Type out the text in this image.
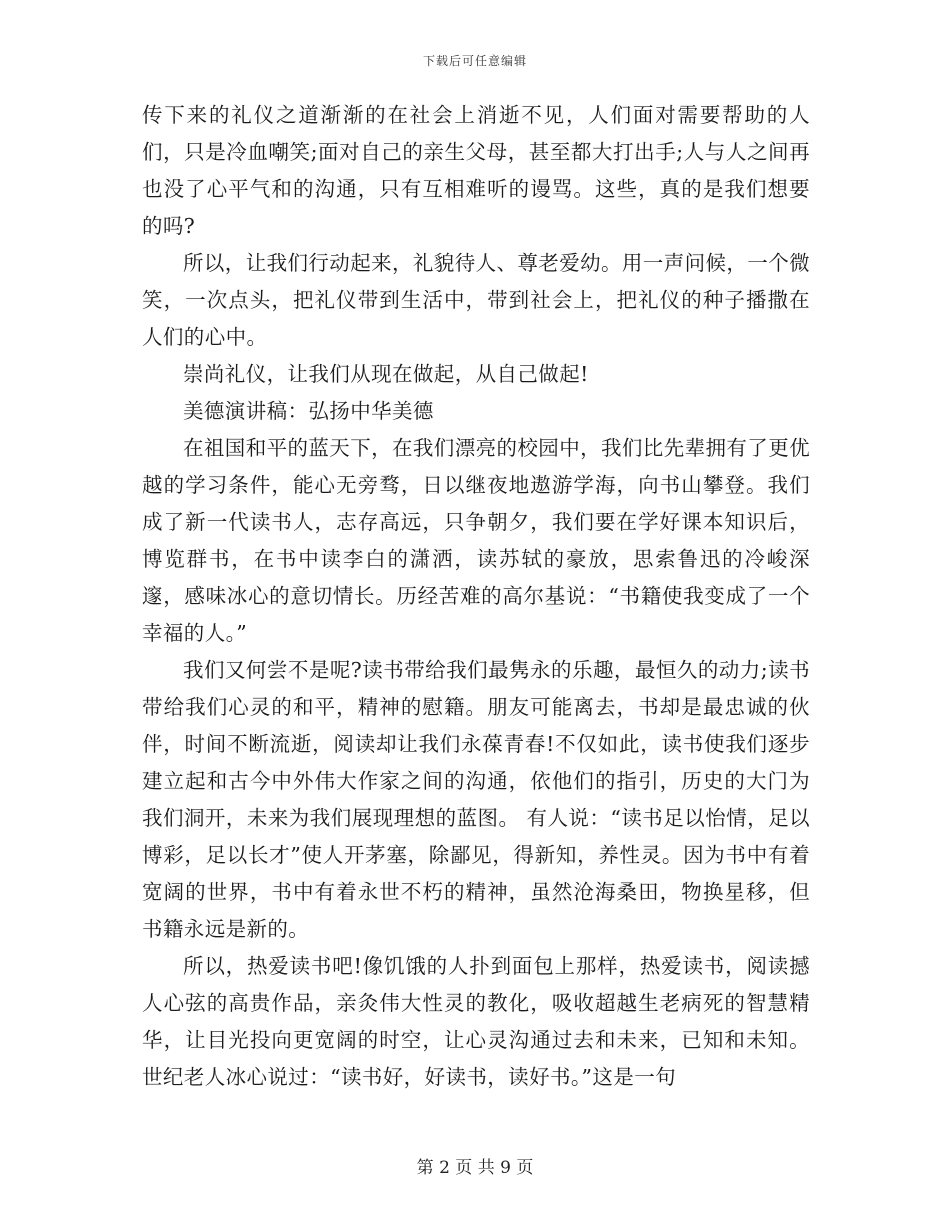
下载后可任意编辑

传下来的礼仪之道渐渐的在社会上消逝不见，人们面对需要帮助的人们，只是冷血嘲笑;面对自己的亲生父母，甚至都大打出手;人与人之间再也没了心平气和的沟通，只有互相难听的谩骂。这些，真的是我们想要的吗?

所以，让我们行动起来，礼貌待人、尊老爱幼。用一声问候，一个微笑，一次点头，把礼仪带到生活中，带到社会上，把礼仪的种子播撒在人们的心中。

崇尚礼仪，让我们从现在做起，从自己做起!

美德演讲稿：弘扬中华美德

在祖国和平的蓝天下，在我们漂亮的校园中，我们比先辈拥有了更优越的学习条件，能心无旁骛，日以继夜地遨游学海，向书山攀登。我们成了新一代读书人，志存高远，只争朝夕，我们要在学好课本知识后，博览群书，在书中读李白的潇洒，读苏轼的豪放，思索鲁迅的冷峻深邃，感味冰心的意切情长。历经苦难的高尔基说：“书籍使我变成了一个幸福的人。”

我们又何尝不是呢?读书带给我们最隽永的乐趣，最恒久的动力;读书带给我们心灵的和平，精神的慰籍。朋友可能离去，书却是最忠诚的伙伴，时间不断流逝，阅读却让我们永葆青春!不仅如此，读书使我们逐步建立起和古今中外伟大作家之间的沟通，依他们的指引，历史的大门为我们洞开，未来为我们展现理想的蓝图。 有人说：“读书足以怡情，足以博彩，足以长才”使人开茅塞，除鄙见，得新知，养性灵。因为书中有着宽阔的世界，书中有着永世不朽的精神，虽然沧海桑田，物换星移，但书籍永远是新的。

所以，热爱读书吧!像饥饿的人扑到面包上那样，热爱读书，阅读撼人心弦的高贵作品，亲灸伟大性灵的教化，吸收超越生老病死的智慧精华，让目光投向更宽阔的时空，让心灵沟通过去和未来，已知和未知。 世纪老人冰心说过：“读书好，好读书，读好书。”这是一句

第 2 页 共 9 页
